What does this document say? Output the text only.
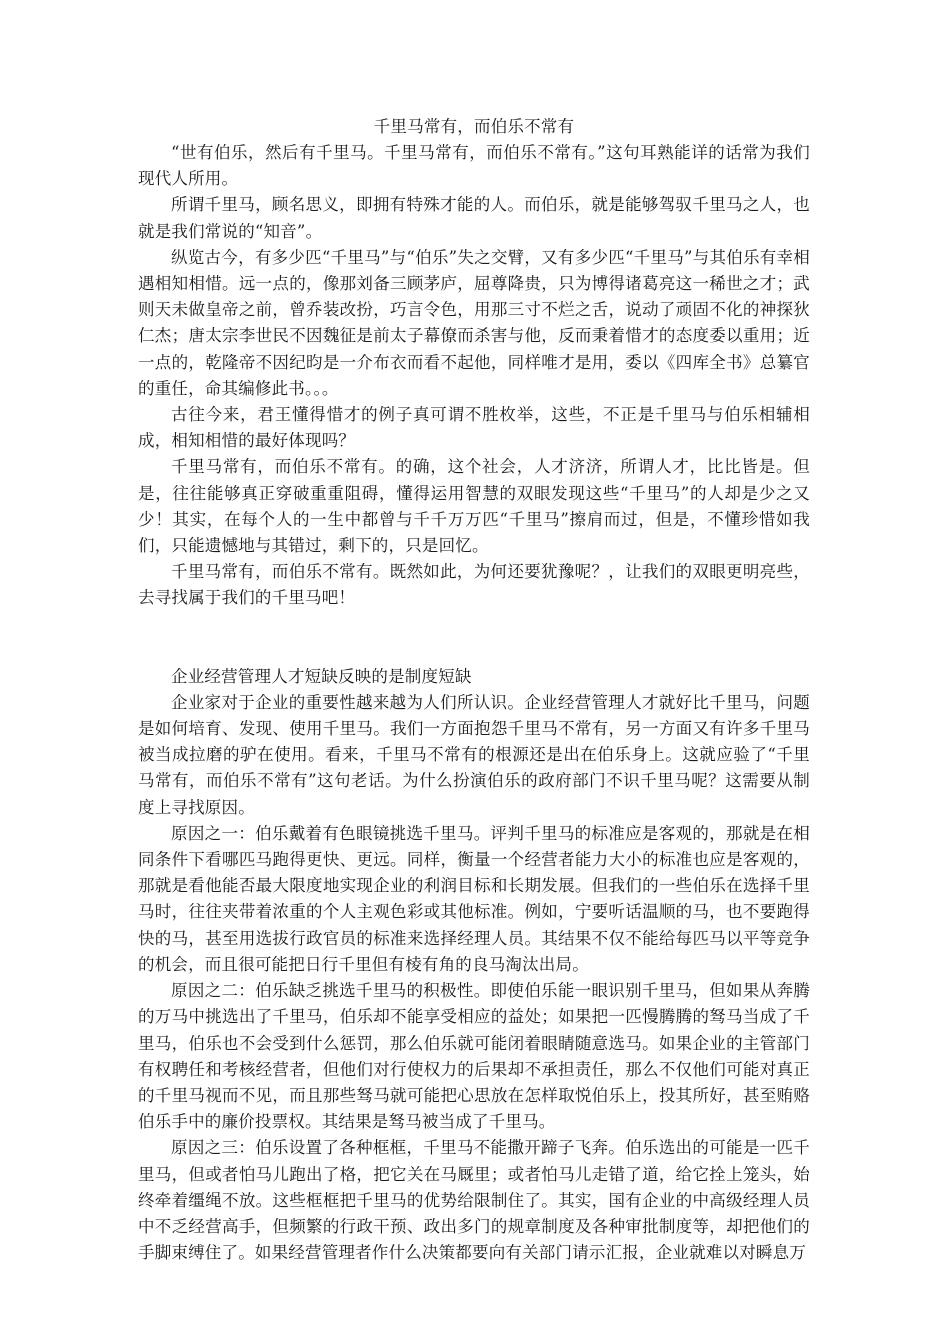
千里马常有，而伯乐不常有

“世有伯乐，然后有千里马。千里马常有，而伯乐不常有。”这句耳熟能详的话常为我们现代人所用。

所谓千里马，顾名思义，即拥有特殊才能的人。而伯乐，就是能够驾驭千里马之人，也就是我们常说的“知音”。

纵览古今，有多少匹“千里马”与“伯乐”失之交臂，又有多少匹“千里马”与其伯乐有幸相遇相知相惜。远一点的，像那刘备三顾茅庐，屈尊降贵，只为博得诸葛亮这一稀世之才；武则天未做皇帝之前，曾乔装改扮，巧言令色，用那三寸不烂之舌，说动了顽固不化的神探狄仁杰；唐太宗李世民不因魏征是前太子幕僚而杀害与他，反而秉着惜才的态度委以重用；近一点的，乾隆帝不因纪昀是一介布衣而看不起他，同样唯才是用，委以《四库全书》总纂官的重任，命其编修此书。。。

古往今来，君王懂得惜才的例子真可谓不胜枚举，这些，不正是千里马与伯乐相辅相成，相知相惜的最好体现吗？

千里马常有，而伯乐不常有。的确，这个社会，人才济济，所谓人才，比比皆是。但是，往往能够真正穿破重重阻碍，懂得运用智慧的双眼发现这些“千里马”的人却是少之又少！其实，在每个人的一生中都曾与千千万万匹“千里马”擦肩而过，但是，不懂珍惜如我们，只能遗憾地与其错过，剩下的，只是回忆。

千里马常有，而伯乐不常有。既然如此，为何还要犹豫呢？，让我们的双眼更明亮些，去寻找属于我们的千里马吧！

企业经营管理人才短缺反映的是制度短缺

企业家对于企业的重要性越来越为人们所认识。企业经营管理人才就好比千里马，问题是如何培育、发现、使用千里马。我们一方面抱怨千里马不常有，另一方面又有许多千里马被当成拉磨的驴在使用。看来，千里马不常有的根源还是出在伯乐身上。这就应验了“千里马常有，而伯乐不常有”这句老话。为什么扮演伯乐的政府部门不识千里马呢？这需要从制度上寻找原因。

原因之一：伯乐戴着有色眼镜挑选千里马。评判千里马的标准应是客观的，那就是在相同条件下看哪匹马跑得更快、更远。同样，衡量一个经营者能力大小的标准也应是客观的，那就是看他能否最大限度地实现企业的利润目标和长期发展。但我们的一些伯乐在选择千里马时，往往夹带着浓重的个人主观色彩或其他标准。例如，宁要听话温顺的马，也不要跑得快的马，甚至用选拔行政官员的标准来选择经理人员。其结果不仅不能给每匹马以平等竞争的机会，而且很可能把日行千里但有棱有角的良马淘汰出局。

原因之二：伯乐缺乏挑选千里马的积极性。即使伯乐能一眼识别千里马，但如果从奔腾的万马中挑选出了千里马，伯乐却不能享受相应的益处；如果把一匹慢腾腾的驽马当成了千里马，伯乐也不会受到什么惩罚，那么伯乐就可能闭着眼睛随意选马。如果企业的主管部门有权聘任和考核经营者，但他们对行使权力的后果却不承担责任，那么不仅他们可能对真正的千里马视而不见，而且那些驽马就可能把心思放在怎样取悦伯乐上，投其所好，甚至贿赂伯乐手中的廉价投票权。其结果是驽马被当成了千里马。

原因之三：伯乐设置了各种框框，千里马不能撒开蹄子飞奔。伯乐选出的可能是一匹千里马，但或者怕马儿跑出了格，把它关在马厩里；或者怕马儿走错了道，给它拴上笼头，始终牵着缰绳不放。这些框框把千里马的优势给限制住了。其实，国有企业的中高级经理人员中不乏经营高手，但频繁的行政干预、政出多门的规章制度及各种审批制度等，却把他们的手脚束缚住了。如果经营管理者作什么决策都要向有关部门请示汇报，企业就难以对瞬息万
